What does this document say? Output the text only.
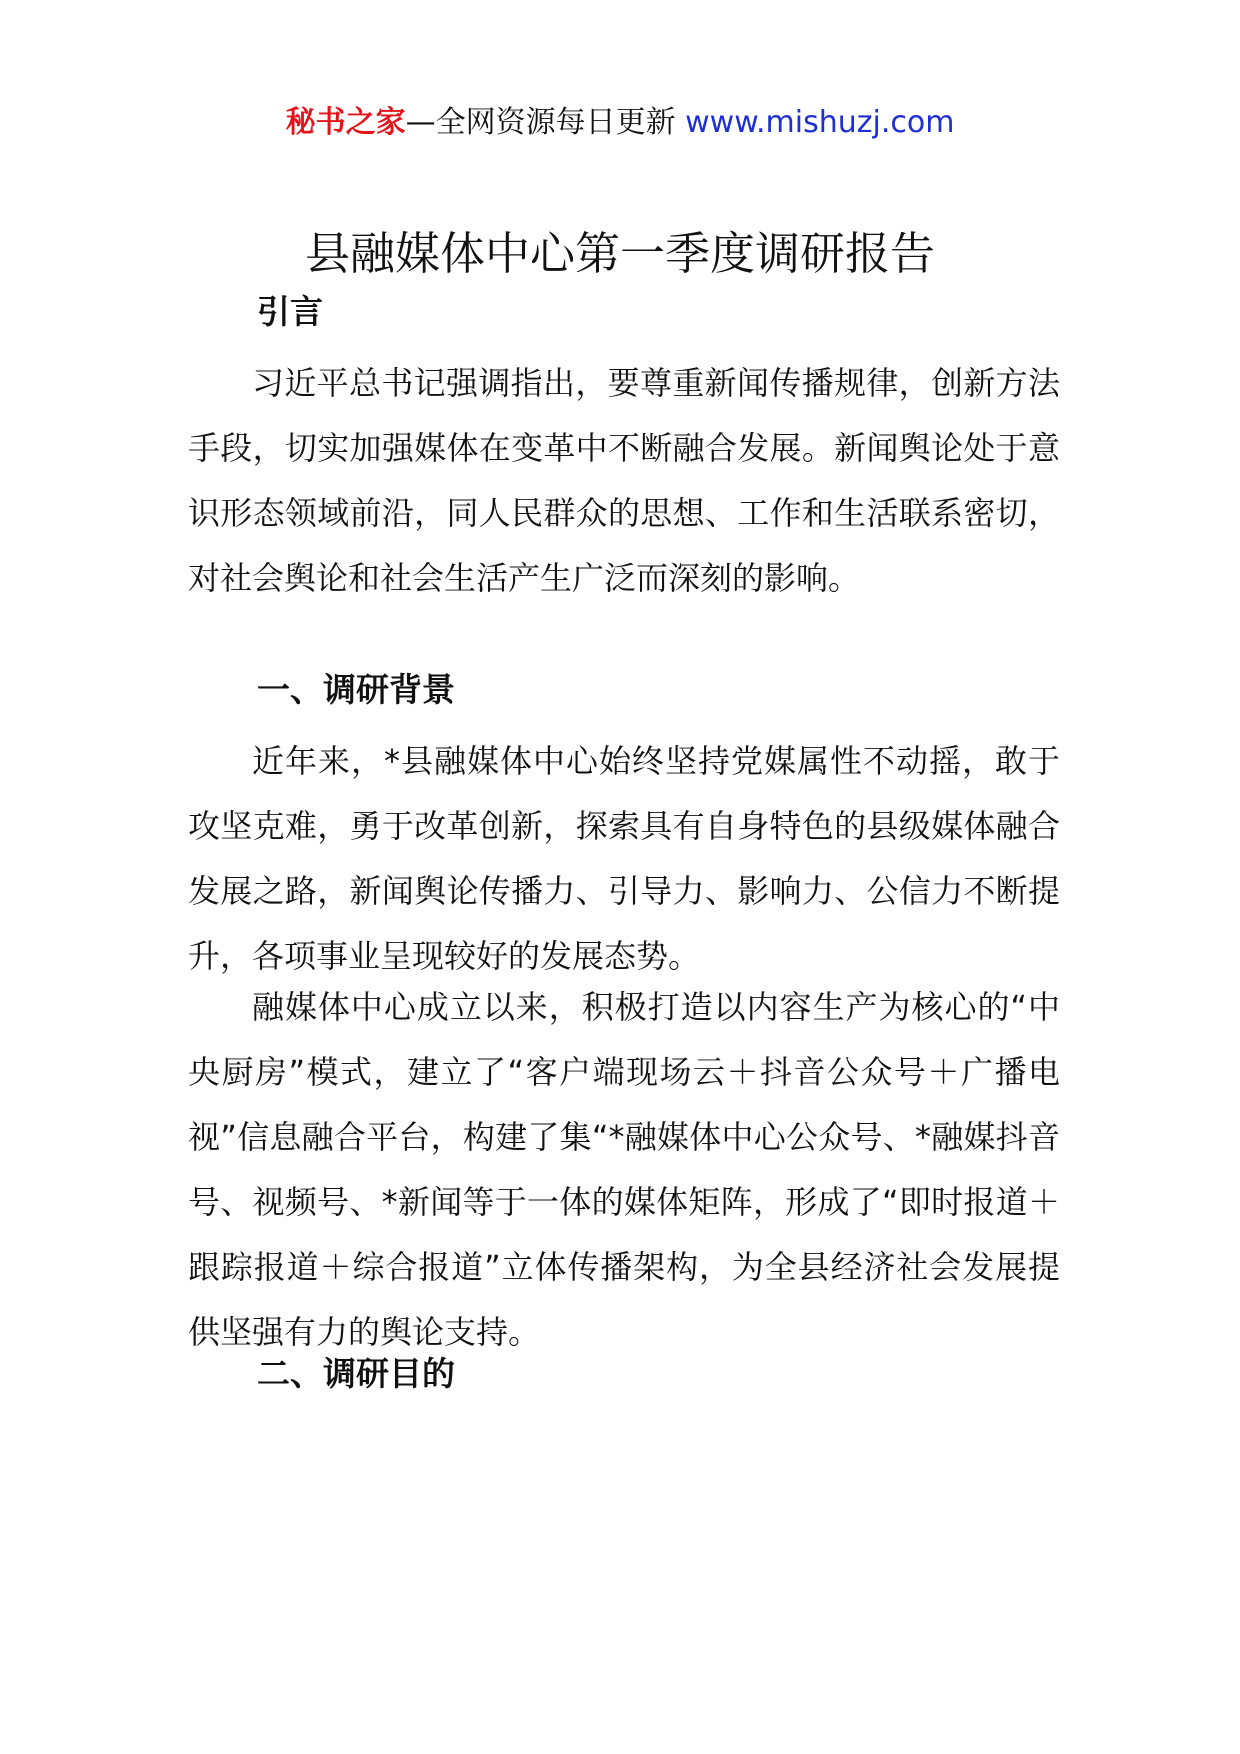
秘书之家—全网资源每日更新 www.mishuzj.com
县融媒体中心第一季度调研报告
引言

习近平总书记强调指出，要尊重新闻传播规律，创新方法手段，切实加强媒体在变革中不断融合发展。新闻舆论处于意识形态领域前沿，同人民群众的思想、工作和生活联系密切，对社会舆论和社会生活产生广泛而深刻的影响。

一、调研背景

近年来，*县融媒体中心始终坚持党媒属性不动摇，敢于攻坚克难，勇于改革创新，探索具有自身特色的县级媒体融合发展之路，新闻舆论传播力、引导力、影响力、公信力不断提升，各项事业呈现较好的发展态势。

融媒体中心成立以来，积极打造以内容生产为核心的“中央厨房”模式，建立了“客户端现场云＋抖音公众号＋广播电视”信息融合平台，构建了集“*融媒体中心公众号、*融媒抖音号、视频号、*新闻等于一体的媒体矩阵，形成了“即时报道＋跟踪报道＋综合报道”立体传播架构，为全县经济社会发展提供坚强有力的舆论支持。

二、调研目的
